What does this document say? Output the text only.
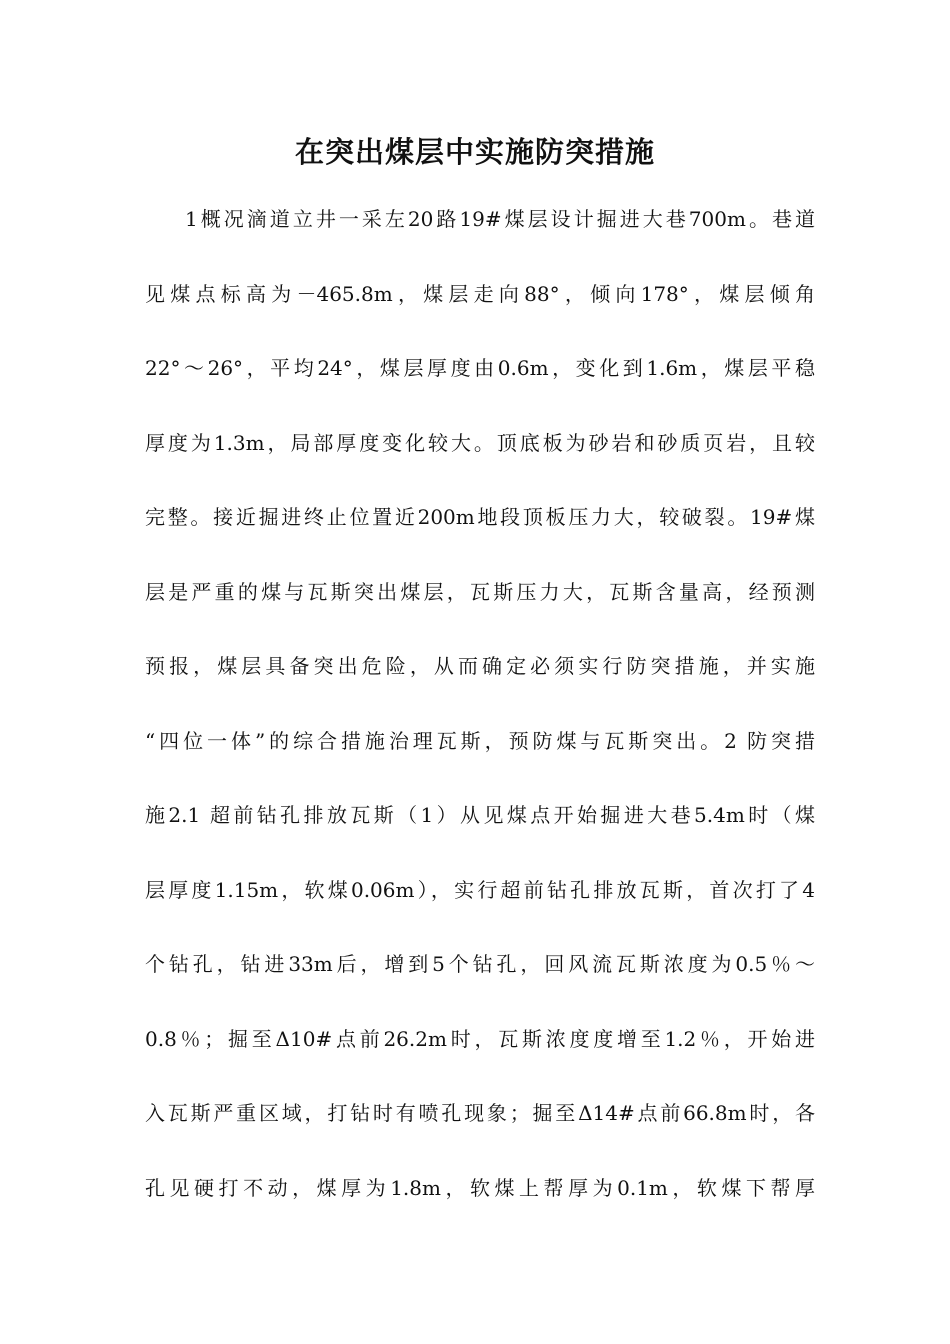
在突出煤层中实施防突措施
1概况滴道立井一采左20路19#煤层设计掘进大巷700m。巷道
见煤点标高为－465.8m，煤层走向88°，倾向178°，煤层倾角
22°～26°，平均24°，煤层厚度由0.6m，变化到1.6m，煤层平稳
厚度为1.3m，局部厚度变化较大。顶底板为砂岩和砂质页岩，且较
完整。接近掘进终止位置近200m地段顶板压力大，较破裂。19#煤
层是严重的煤与瓦斯突出煤层，瓦斯压力大，瓦斯含量高，经预测
预报，煤层具备突出危险，从而确定必须实行防突措施，并实施
“四位一体”的综合措施治理瓦斯，预防煤与瓦斯突出。2 防突措
施2.1 超前钻孔排放瓦斯（1）从见煤点开始掘进大巷5.4m时（煤
层厚度1.15m，软煤0.06m），实行超前钻孔排放瓦斯，首次打了4
个钻孔，钻进33m后，增到5个钻孔，回风流瓦斯浓度为0.5％～
0.8％；掘至Δ10#点前26.2m时，瓦斯浓度度增至1.2％，开始进
入瓦斯严重区域，打钻时有喷孔现象；掘至Δ14#点前66.8m时，各
孔见硬打不动，煤厚为1.8m，软煤上帮厚为0.1m，软煤下帮厚
